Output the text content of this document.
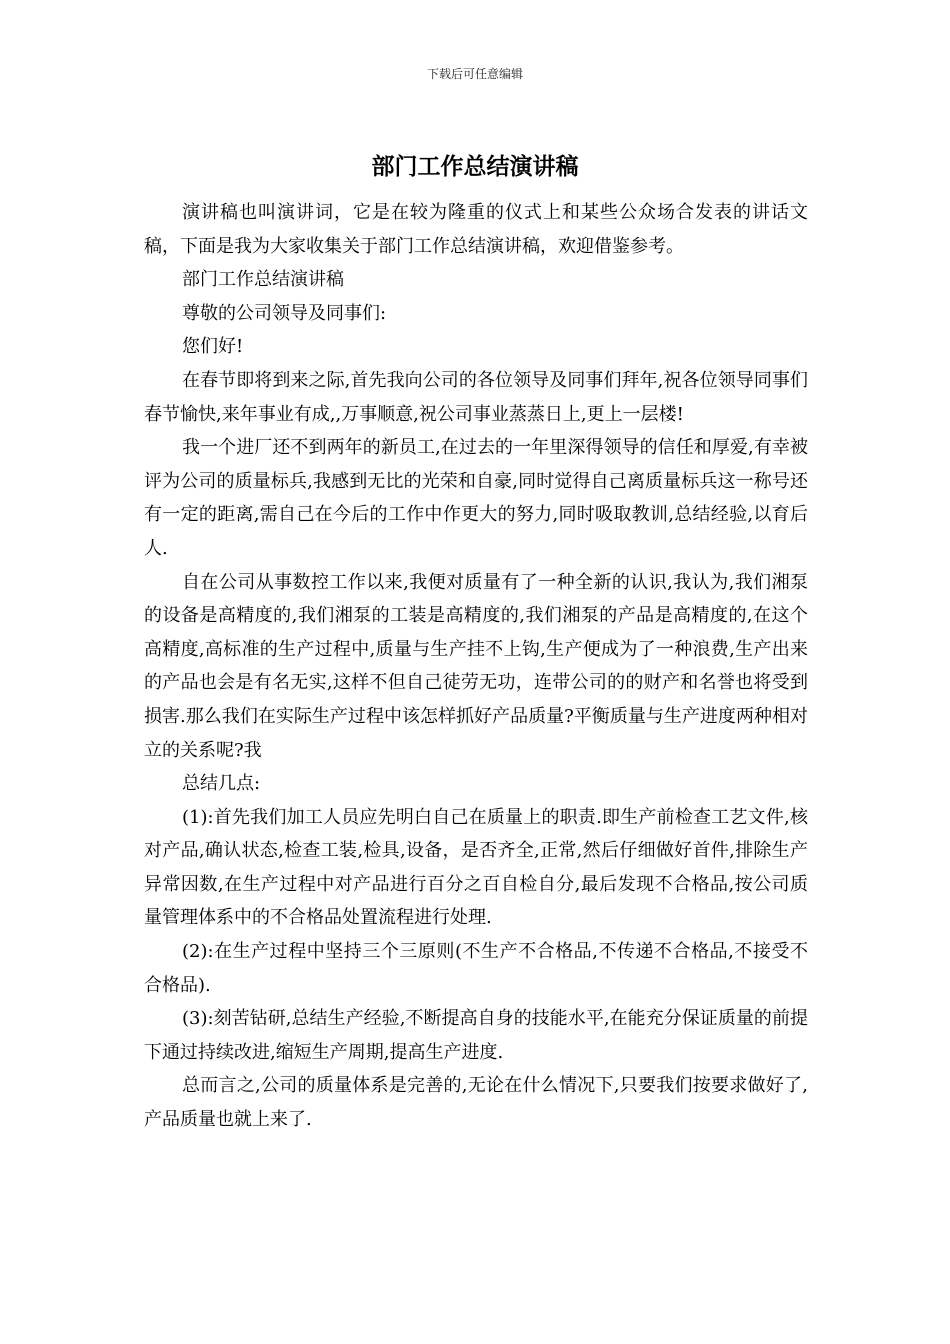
下载后可任意编辑
部门工作总结演讲稿

演讲稿也叫演讲词，它是在较为隆重的仪式上和某些公众场合发表的讲话文稿，下面是我为大家收集关于部门工作总结演讲稿，欢迎借鉴参考。

部门工作总结演讲稿

尊敬的公司领导及同事们:

您们好!

在春节即将到来之际,首先我向公司的各位领导及同事们拜年,祝各位领导同事们春节愉快,来年事业有成,,万事顺意,祝公司事业蒸蒸日上,更上一层楼!

我一个进厂还不到两年的新员工,在过去的一年里深得领导的信任和厚爱,有幸被评为公司的质量标兵,我感到无比的光荣和自豪,同时觉得自己离质量标兵这一称号还有一定的距离,需自己在今后的工作中作更大的努力,同时吸取教训,总结经验,以育后人.

自在公司从事数控工作以来,我便对质量有了一种全新的认识,我认为,我们湘泵的设备是高精度的,我们湘泵的工装是高精度的,我们湘泵的产品是高精度的,在这个高精度,高标准的生产过程中,质量与生产挂不上钩,生产便成为了一种浪费,生产出来的产品也会是有名无实,这样不但自己徒劳无功，连带公司的的财产和名誉也将受到损害.那么我们在实际生产过程中该怎样抓好产品质量?平衡质量与生产进度两种相对立的关系呢?我

总结几点:

(1):首先我们加工人员应先明白自己在质量上的职责.即生产前检查工艺文件,核对产品,确认状态,检查工装,检具,设备，是否齐全,正常,然后仔细做好首件,排除生产异常因数,在生产过程中对产品进行百分之百自检自分,最后发现不合格品,按公司质量管理体系中的不合格品处置流程进行处理.

(2):在生产过程中坚持三个三原则(不生产不合格品,不传递不合格品,不接受不合格品).

(3):刻苦钻研,总结生产经验,不断提高自身的技能水平,在能充分保证质量的前提下通过持续改进,缩短生产周期,提高生产进度.

总而言之,公司的质量体系是完善的,无论在什么情况下,只要我们按要求做好了,产品质量也就上来了.
